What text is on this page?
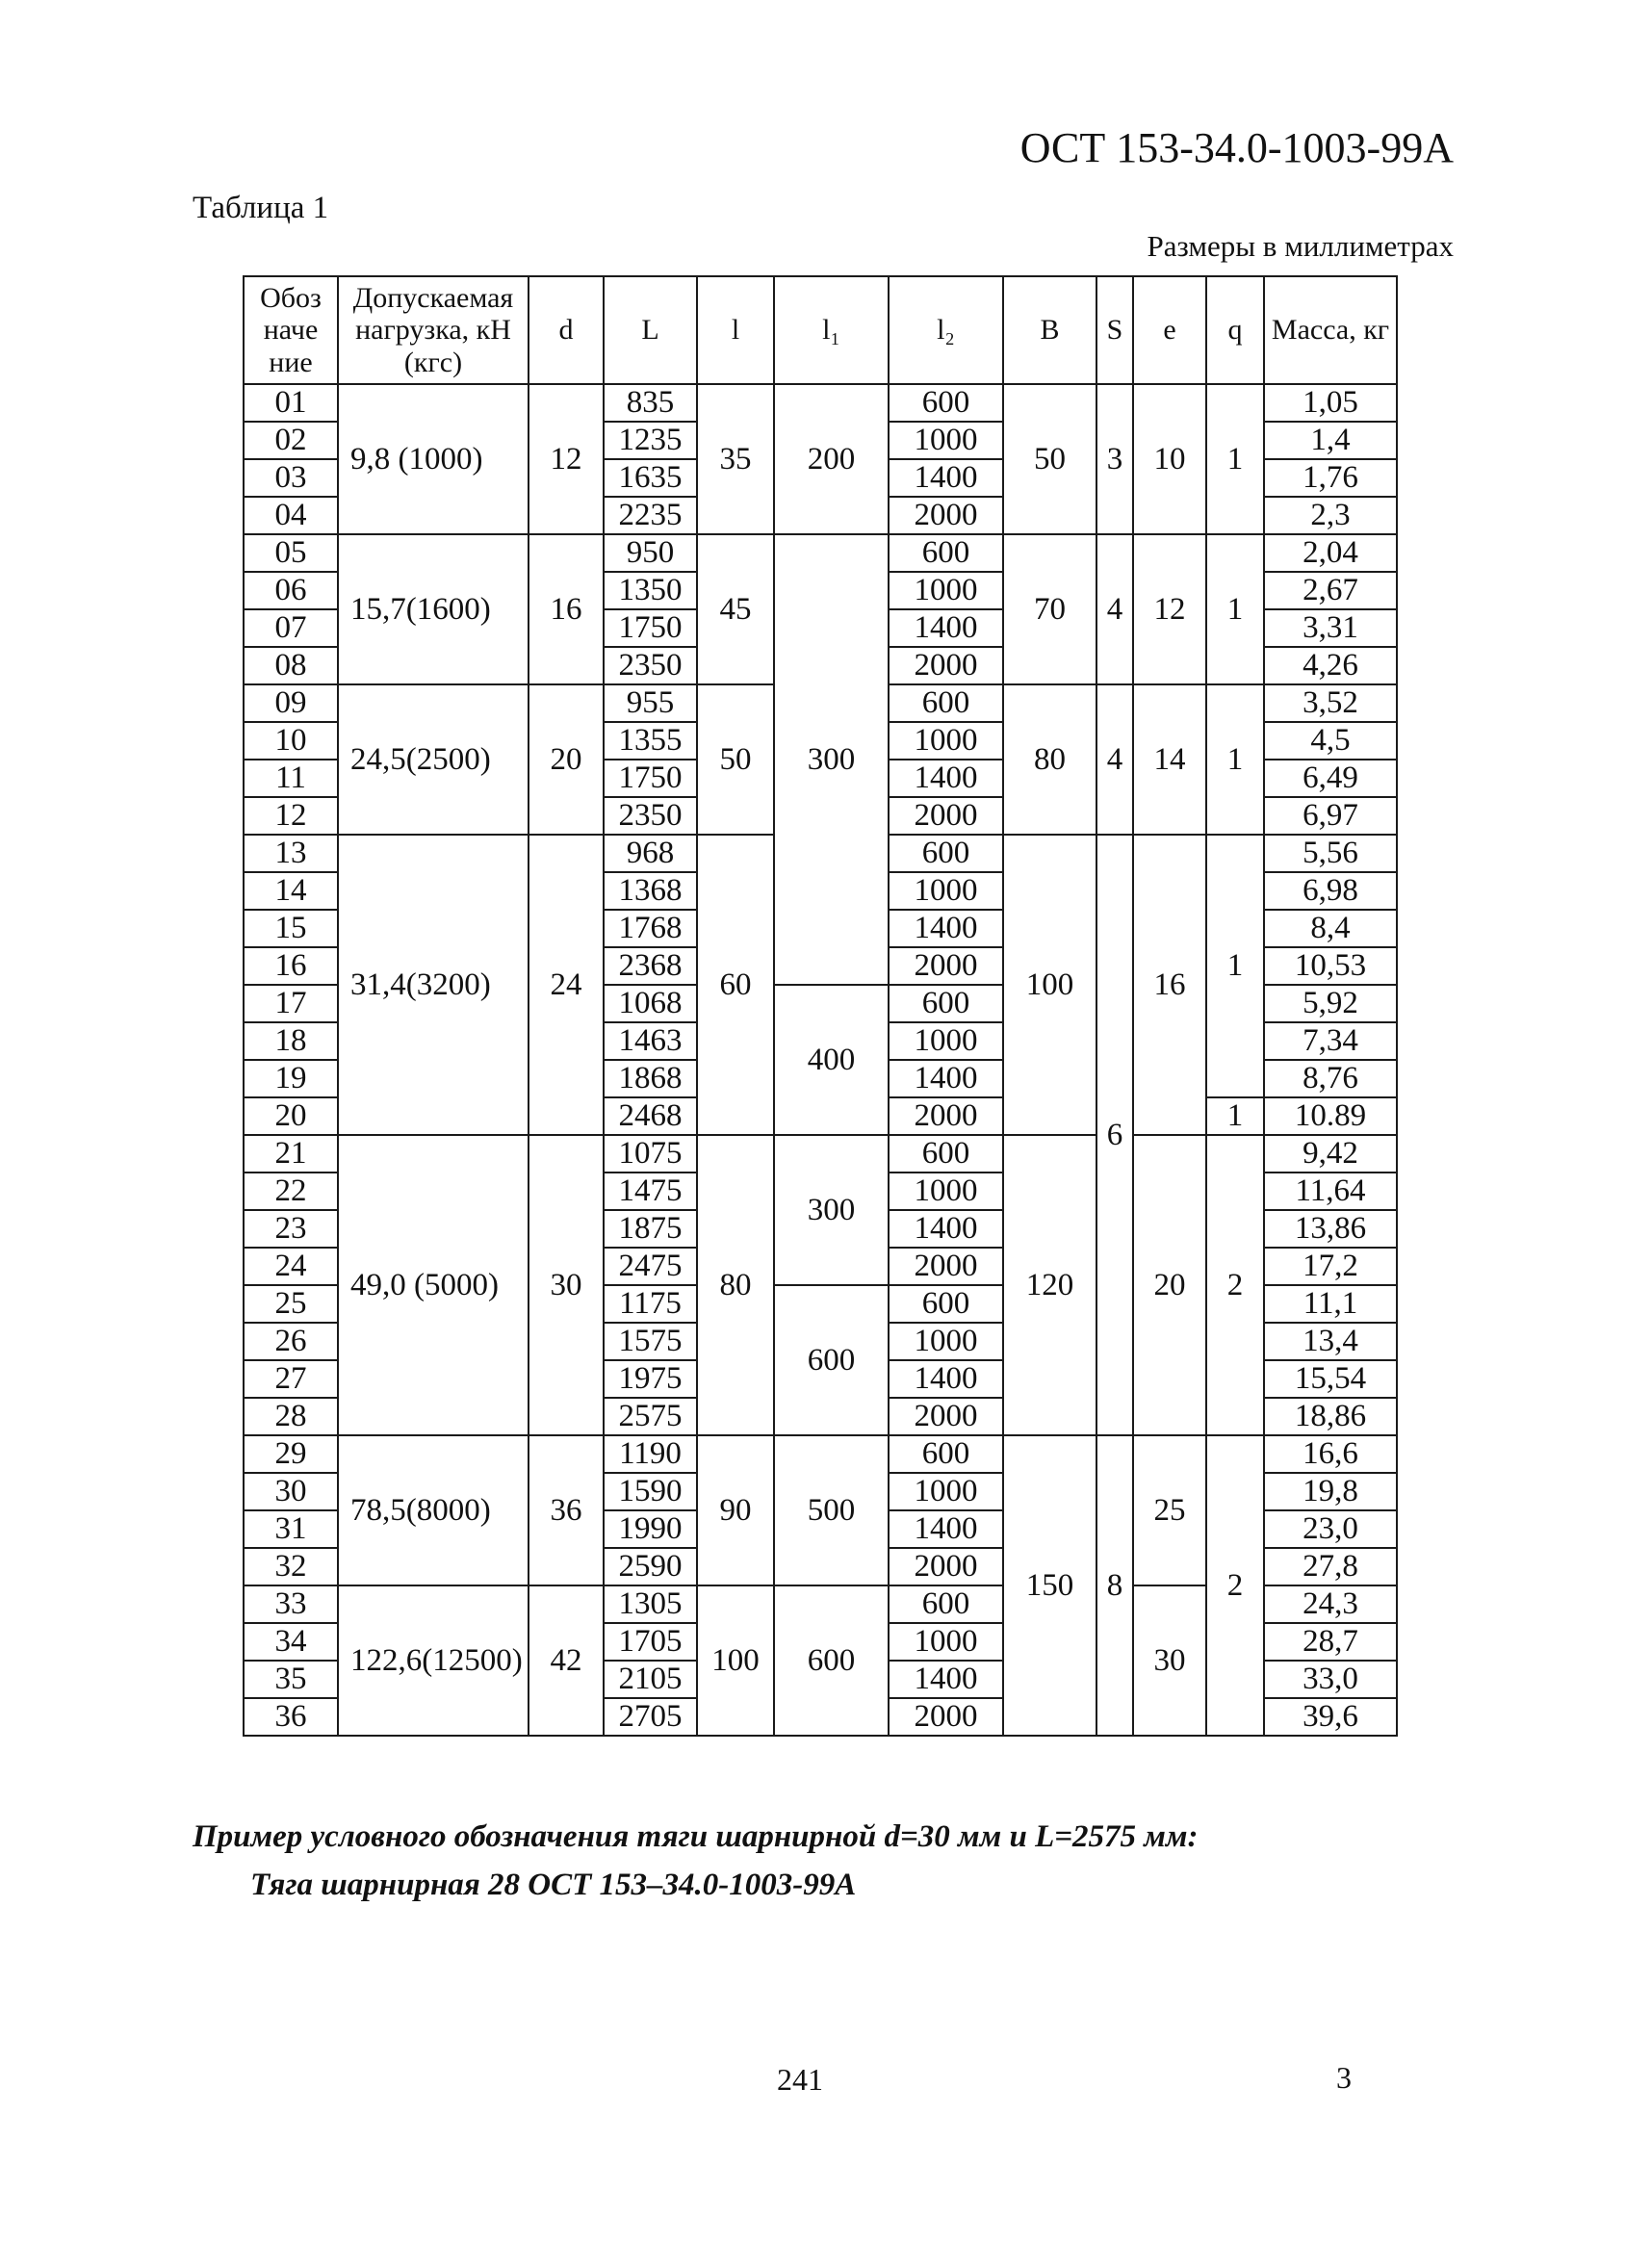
ОСТ 153-34.0-1003-99А
Таблица 1
Размеры в миллиметрах
Обоз наче ние	Допускаемая нагрузка, кН (кгс)	d	L	l	l₁	l₂	B	S	e	q	Масса, кг
01	9,8 (1000)	12	835	35	200	600	50	3	10	1	1,05
02			1235			1000					1,4
03			1635			1400					1,76
04			2235			2000					2,3
05	15,7(1600)	16	950	45	300	600	70	4	12	1	2,04
06			1350			1000					2,67
07			1750			1400					3,31
08			2350			2000					4,26
09	24,5(2500)	20	955	50		600	80	4	14	1	3,52
10			1355			1000					4,5
11			1750			1400					6,49
12			2350			2000					6,97
13	31,4(3200)	24	968	60		600	100	6	16	1	5,56
14			1368			1000					6,98
15			1768			1400					8,4
16			2368			2000					10,53
17			1068		400	600					5,92
18			1463			1000					7,34
19			1868			1400					8,76
20			2468			2000				1	10.89
21	49,0 (5000)	30	1075	80	300	600	120		20	2	9,42
22			1475			1000					11,64
23			1875			1400					13,86
24			2475			2000					17,2
25			1175		600	600					11,1
26			1575			1000					13,4
27			1975			1400					15,54
28			2575			2000					18,86
29	78,5(8000)	36	1190	90	500	600	150	8	25	2	16,6
30			1590			1000					19,8
31			1990			1400					23,0
32			2590			2000					27,8
33	122,6(12500)	42	1305	100	600	600			30		24,3
34			1705			1000					28,7
35			2105			1400					33,0
36			2705			2000					39,6
Пример условного обозначения тяги шарнирной d=30 мм и L=2575 мм:
Тяга шарнирная 28 ОСТ 153–34.0-1003-99А
241	3
